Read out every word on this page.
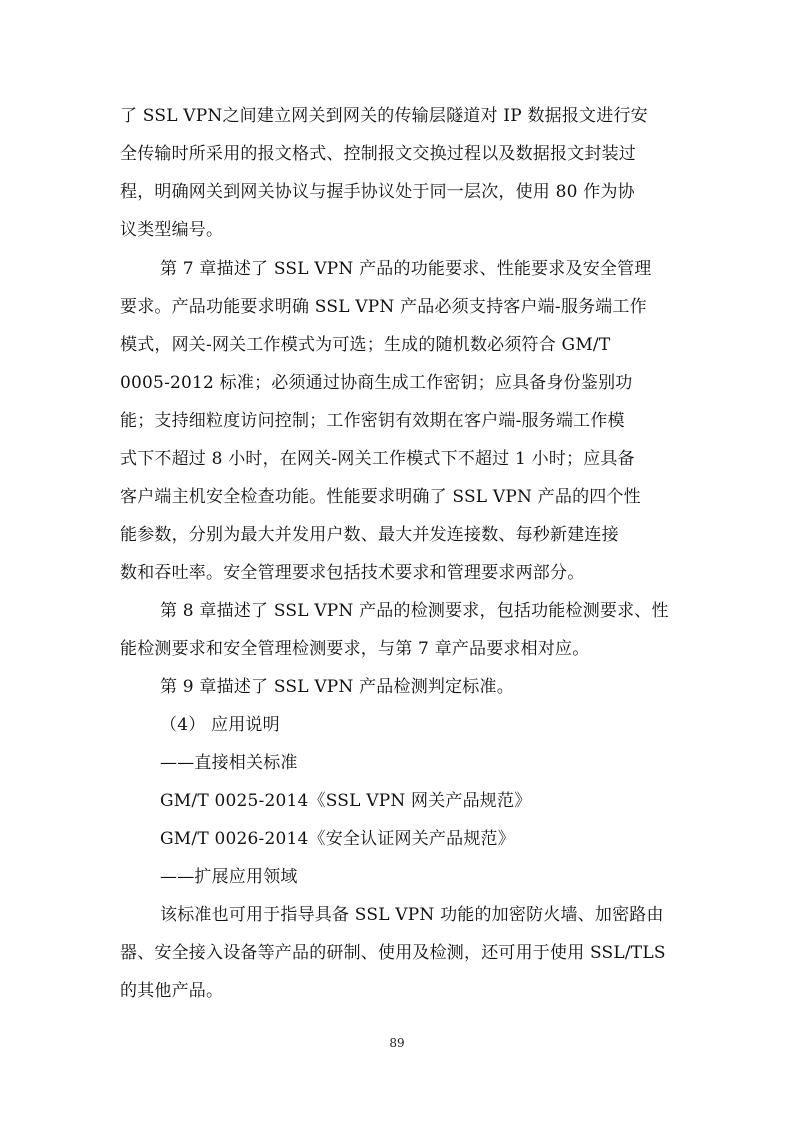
了 SSL VPN之间建立网关到网关的传输层隧道对 IP 数据报文进行安
全传输时所采用的报文格式、控制报文交换过程以及数据报文封装过
程，明确网关到网关协议与握手协议处于同一层次，使用 80 作为协
议类型编号。
第 7 章描述了 SSL VPN 产品的功能要求、性能要求及安全管理
要求。产品功能要求明确 SSL VPN 产品必须支持客户端-服务端工作
模式，网关-网关工作模式为可选；生成的随机数必须符合 GM/T
0005-2012 标准；必须通过协商生成工作密钥；应具备身份鉴别功
能；支持细粒度访问控制；工作密钥有效期在客户端-服务端工作模
式下不超过 8 小时，在网关-网关工作模式下不超过 1 小时；应具备
客户端主机安全检查功能。性能要求明确了 SSL VPN 产品的四个性
能参数，分别为最大并发用户数、最大并发连接数、每秒新建连接
数和吞吐率。安全管理要求包括技术要求和管理要求两部分。
第 8 章描述了 SSL VPN 产品的检测要求，包括功能检测要求、性
能检测要求和安全管理检测要求，与第 7 章产品要求相对应。
第 9 章描述了 SSL VPN 产品检测判定标准。
（4） 应用说明
——直接相关标准
GM/T 0025-2014《SSL VPN 网关产品规范》
GM/T 0026-2014《安全认证网关产品规范》
——扩展应用领域
该标准也可用于指导具备 SSL VPN 功能的加密防火墙、加密路由
器、安全接入设备等产品的研制、使用及检测，还可用于使用 SSL/TLS
的其他产品。
89
